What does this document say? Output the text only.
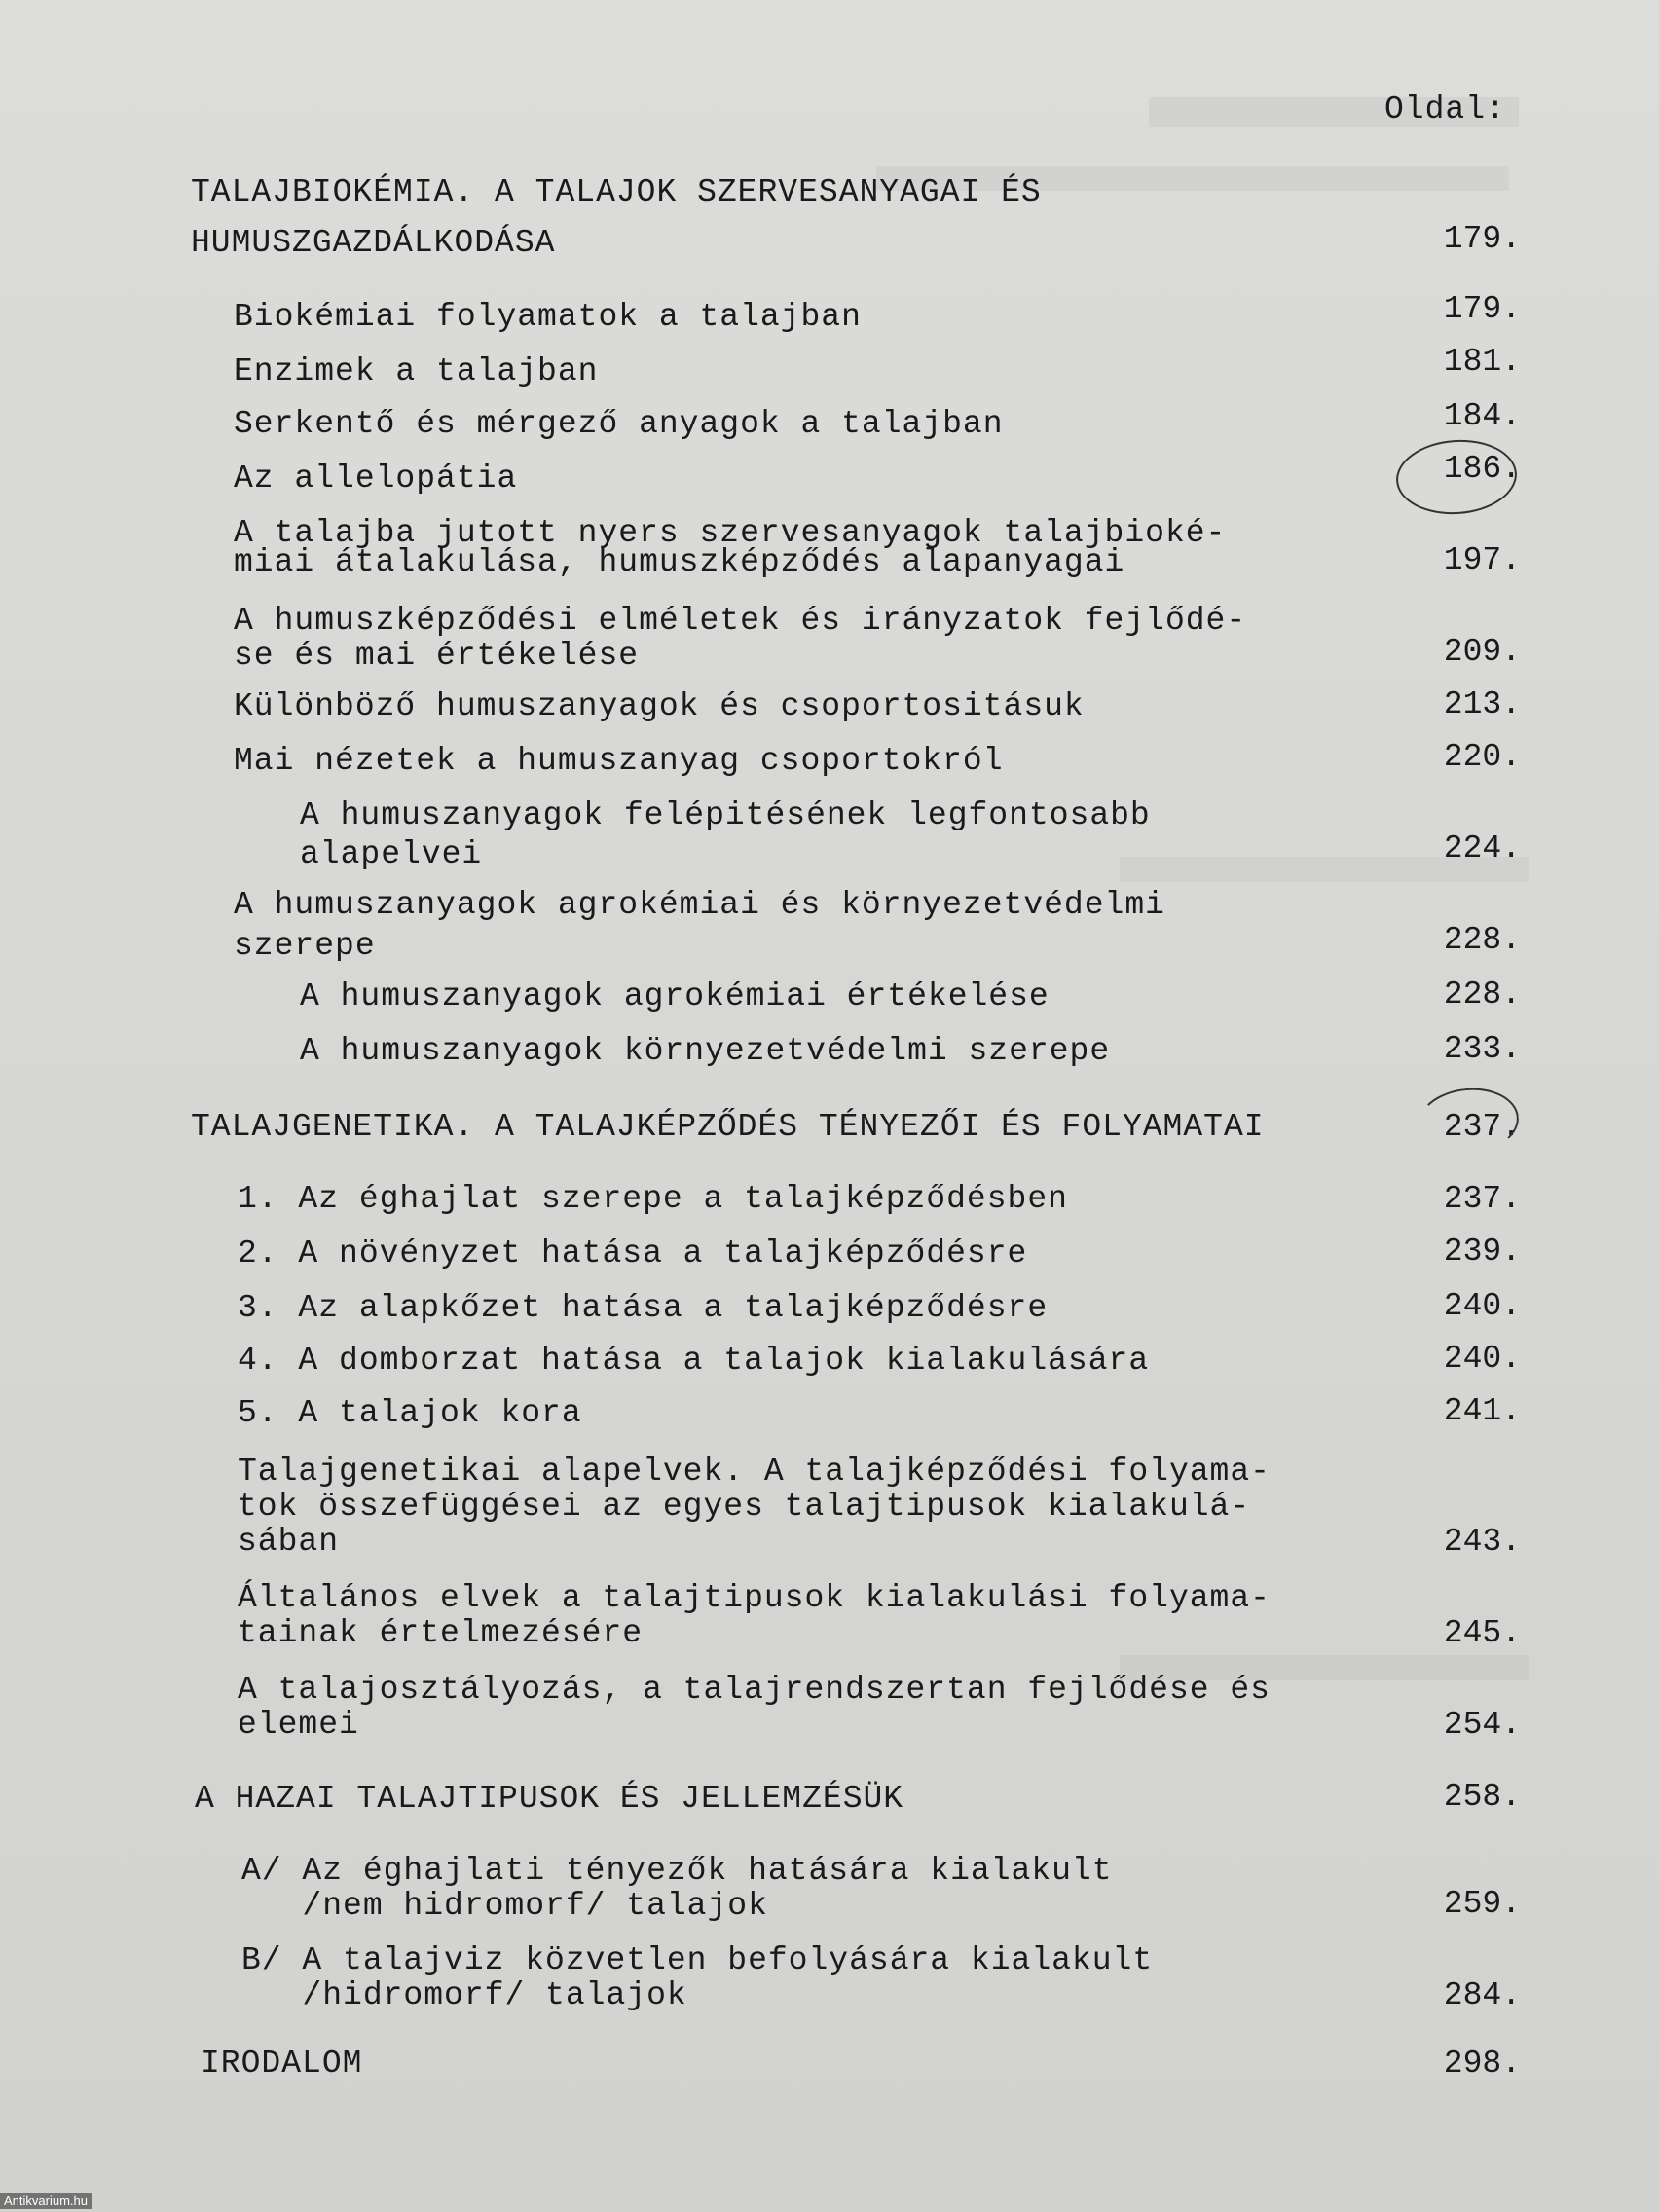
Oldal:
TALAJBIOKÉMIA. A TALAJOK SZERVESANYAGAI ÉS
HUMUSZGAZDÁLKODÁSA	179.
Biokémiai folyamatok a talajban	179.
Enzimek a talajban	181.
Serkentő és mérgező anyagok a talajban	184.
Az allelopátia	186.
A talajba jutott nyers szervesanyagok talajbioké-
miai átalakulása, humuszképződés alapanyagai	197.
A humuszképződési elméletek és irányzatok fejlődé-
se és mai értékelése	209.
Különböző humuszanyagok és csoportositásuk	213.
Mai nézetek a humuszanyag csoportokról	220.
A humuszanyagok felépitésének legfontosabb
alapelvei	224.
A humuszanyagok agrokémiai és környezetvédelmi
szerepe	228.
A humuszanyagok agrokémiai értékelése	228.
A humuszanyagok környezetvédelmi szerepe	233.
TALAJGENETIKA. A TALAJKÉPZŐDÉS TÉNYEZŐI ÉS FOLYAMATAI	237.
1. Az éghajlat szerepe a talajképződésben	237.
2. A növényzet hatása a talajképződésre	239.
3. Az alapkőzet hatása a talajképződésre	240.
4. A domborzat hatása a talajok kialakulására	240.
5. A talajok kora	241.
Talajgenetikai alapelvek. A talajképződési folyama-
tok összefüggései az egyes talajtipusok kialakulá-
sában	243.
Általános elvek a talajtipusok kialakulási folyama-
tainak értelmezésére	245.
A talajosztályozás, a talajrendszertan fejlődése és
elemei	254.
A HAZAI TALAJTIPUSOK ÉS JELLEMZÉSÜK	258.
A/ Az éghajlati tényezők hatására kialakult
/nem hidromorf/ talajok	259.
B/ A talajviz közvetlen befolyására kialakult
/hidromorf/ talajok	284.
IRODALOM	298.
Antikvarium.hu
